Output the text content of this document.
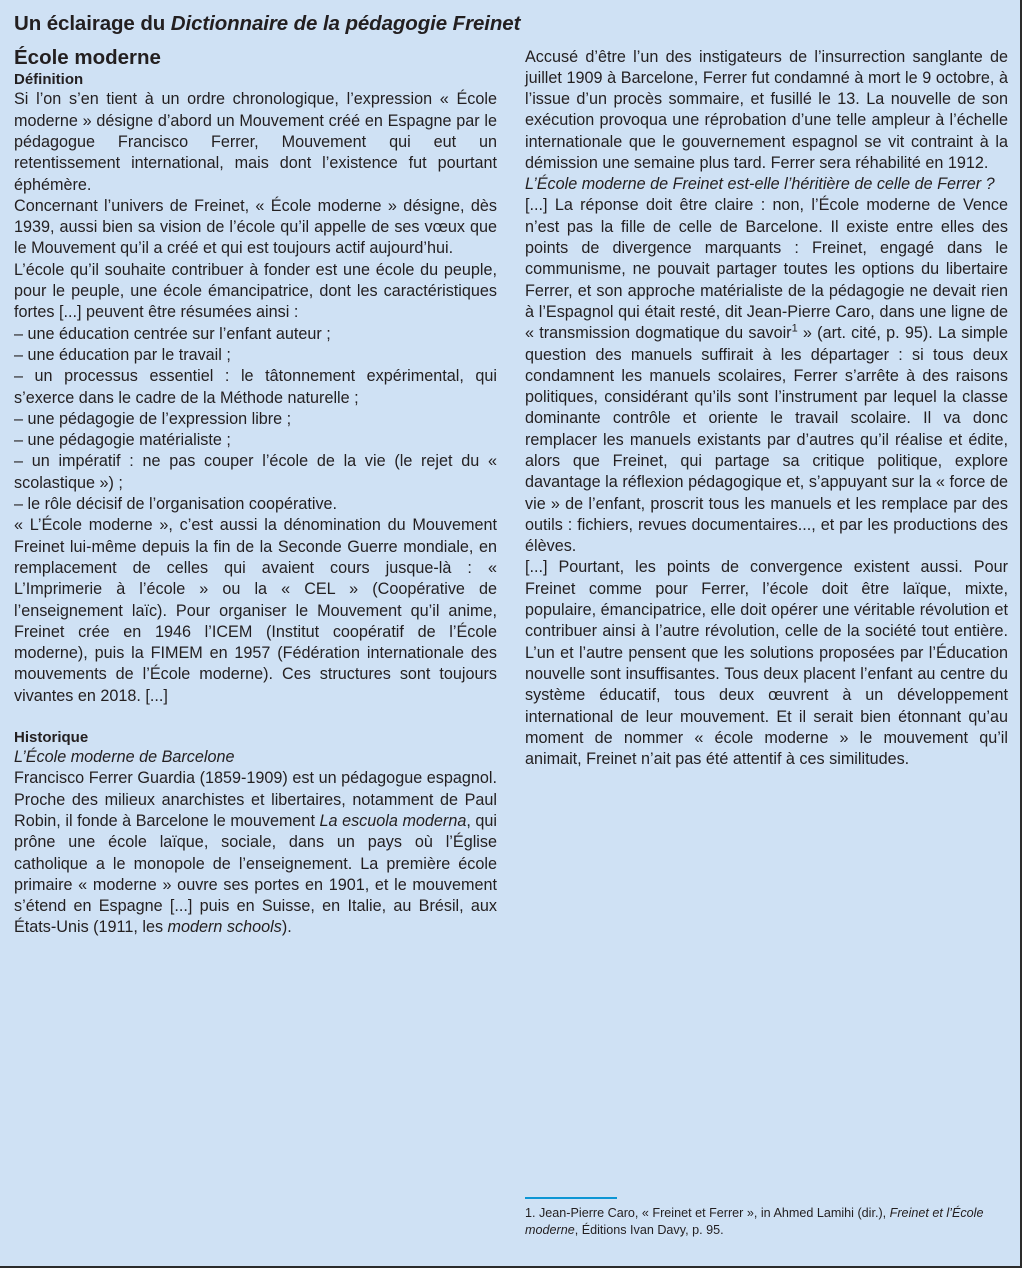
Un éclairage du Dictionnaire de la pédagogie Freinet
École moderne
Définition

Si l’on s’en tient à un ordre chronologique, l’expression « École moderne » désigne d’abord un Mouvement créé en Espagne par le pédagogue Francisco Ferrer, Mouvement qui eut un retentissement international, mais dont l’existence fut pourtant éphémère.

Concernant l’univers de Freinet, « École moderne » désigne, dès 1939, aussi bien sa vision de l’école qu’il appelle de ses vœux que le Mouvement qu’il a créé et qui est toujours actif aujourd’hui.

L’école qu’il souhaite contribuer à fonder est une école du peuple, pour le peuple, une école émancipatrice, dont les caractéristiques fortes [...] peuvent être résumées ainsi :

– une éducation centrée sur l’enfant auteur ;

– une éducation par le travail ;

– un processus essentiel : le tâtonnement expérimental, qui s’exerce dans le cadre de la Méthode naturelle ;

– une pédagogie de l’expression libre ;

– une pédagogie matérialiste ;

– un impératif : ne pas couper l’école de la vie (le rejet du « scolastique ») ;

– le rôle décisif de l’organisation coopérative.

« L’École moderne », c’est aussi la dénomination du Mouvement Freinet lui-même depuis la fin de la Seconde Guerre mondiale, en remplacement de celles qui avaient cours jusque-là : « L’Imprimerie à l’école » ou la « CEL » (Coopérative de l’enseignement laïc). Pour organiser le Mouvement qu’il anime, Freinet crée en 1946 l’ICEM (Institut coopératif de l’École moderne), puis la FIMEM en 1957 (Fédération internationale des mouvements de l’École moderne). Ces structures sont toujours vivantes en 2018. [...]

Historique

L’École moderne de Barcelone

Francisco Ferrer Guardia (1859-1909) est un pédagogue espagnol. Proche des milieux anarchistes et libertaires, notamment de Paul Robin, il fonde à Barcelone le mouvement La escuola moderna, qui prône une école laïque, sociale, dans un pays où l’Église catholique a le monopole de l’enseignement. La première école primaire « moderne » ouvre ses portes en 1901, et le mouvement s’étend en Espagne [...] puis en Suisse, en Italie, au Brésil, aux États-Unis (1911, les modern schools).

Accusé d’être l’un des instigateurs de l’insurrection sanglante de juillet 1909 à Barcelone, Ferrer fut condamné à mort le 9 octobre, à l’issue d’un procès sommaire, et fusillé le 13. La nouvelle de son exécution provoqua une réprobation d’une telle ampleur à l’échelle internationale que le gouvernement espagnol se vit contraint à la démission une semaine plus tard. Ferrer sera réhabilité en 1912.

L’École moderne de Freinet est-elle l’héritière de celle de Ferrer ?

[...] La réponse doit être claire : non, l’École moderne de Vence n’est pas la fille de celle de Barcelone. Il existe entre elles des points de divergence marquants : Freinet, engagé dans le communisme, ne pouvait partager toutes les options du libertaire Ferrer, et son approche matérialiste de la pédagogie ne devait rien à l’Espagnol qui était resté, dit Jean-Pierre Caro, dans une ligne de « transmission dogmatique du savoir$^1$ » (art. cité, p. 95). La simple question des manuels suffirait à les départager : si tous deux condamnent les manuels scolaires, Ferrer s’arrête à des raisons politiques, considérant qu’ils sont l’instrument par lequel la classe dominante contrôle et oriente le travail scolaire. Il va donc remplacer les manuels existants par d’autres qu’il réalise et édite, alors que Freinet, qui partage sa critique politique, explore davantage la réflexion pédagogique et, s’appuyant sur la « force de vie » de l’enfant, proscrit tous les manuels et les remplace par des outils : fichiers, revues documentaires..., et par les productions des élèves.

[...] Pourtant, les points de convergence existent aussi. Pour Freinet comme pour Ferrer, l’école doit être laïque, mixte, populaire, émancipatrice, elle doit opérer une véritable révolution et contribuer ainsi à l’autre révolution, celle de la société tout entière. L’un et l’autre pensent que les solutions proposées par l’Éducation nouvelle sont insuffisantes. Tous deux placent l’enfant au centre du système éducatif, tous deux œuvrent à un développement international de leur mouvement. Et il serait bien étonnant qu’au moment de nommer « école moderne » le mouvement qu’il animait, Freinet n’ait pas été attentif à ces similitudes.

1. Jean-Pierre Caro, « Freinet et Ferrer », in Ahmed Lamihi (dir.), Freinet et l’École moderne, Éditions Ivan Davy, p. 95.
